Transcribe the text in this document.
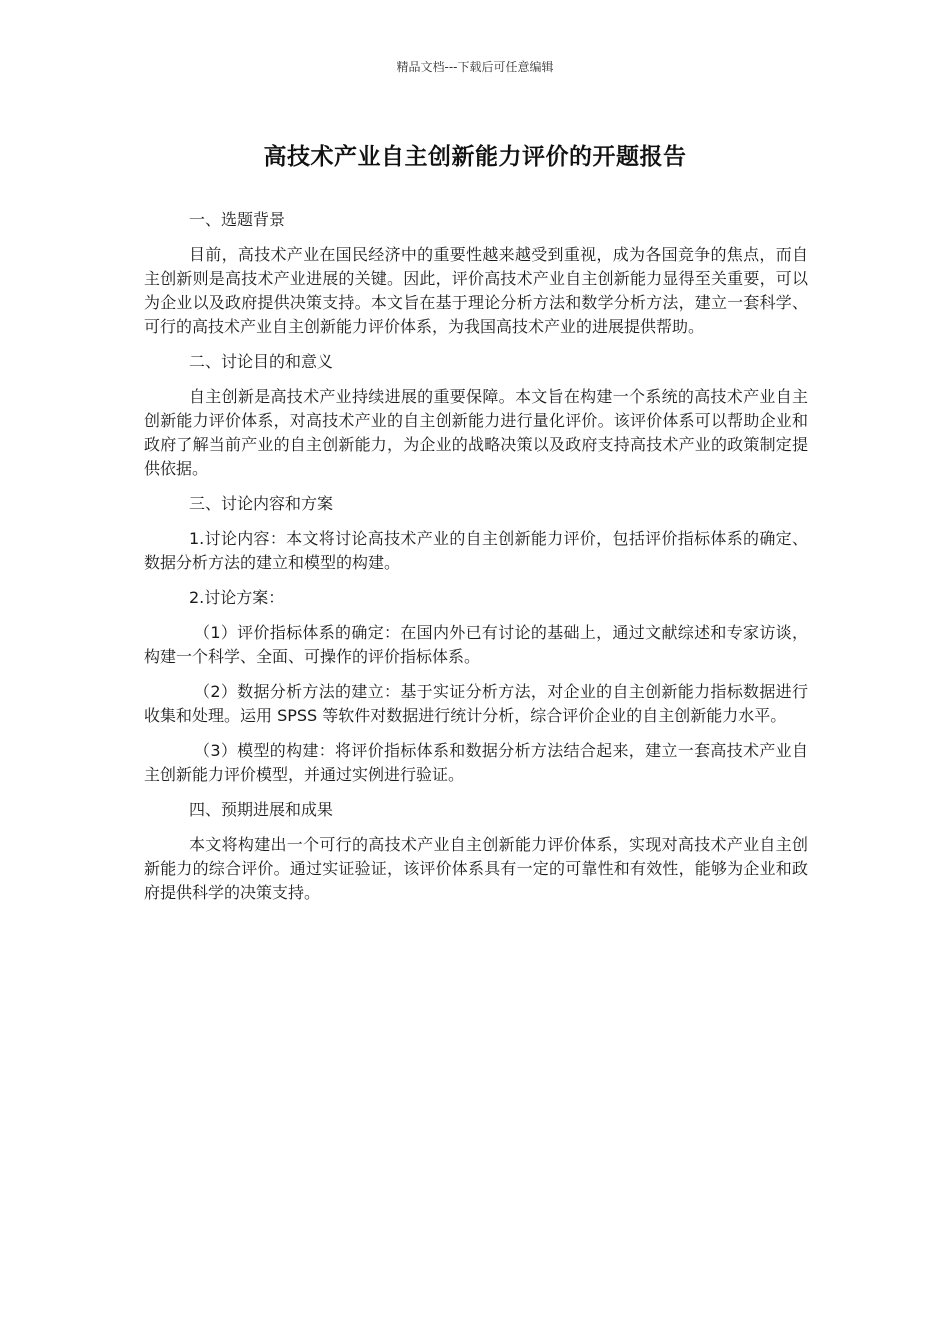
精品文档---下载后可任意编辑
高技术产业自主创新能力评价的开题报告
一、选题背景
目前，高技术产业在国民经济中的重要性越来越受到重视，成为各国竞争的焦点，而自主创新则是高技术产业进展的关键。因此，评价高技术产业自主创新能力显得至关重要，可以为企业以及政府提供决策支持。本文旨在基于理论分析方法和数学分析方法，建立一套科学、可行的高技术产业自主创新能力评价体系，为我国高技术产业的进展提供帮助。
二、讨论目的和意义
自主创新是高技术产业持续进展的重要保障。本文旨在构建一个系统的高技术产业自主创新能力评价体系，对高技术产业的自主创新能力进行量化评价。该评价体系可以帮助企业和政府了解当前产业的自主创新能力，为企业的战略决策以及政府支持高技术产业的政策制定提供依据。
三、讨论内容和方案
1.讨论内容：本文将讨论高技术产业的自主创新能力评价，包括评价指标体系的确定、数据分析方法的建立和模型的构建。
2.讨论方案：
（1）评价指标体系的确定：在国内外已有讨论的基础上，通过文献综述和专家访谈，构建一个科学、全面、可操作的评价指标体系。
（2）数据分析方法的建立：基于实证分析方法，对企业的自主创新能力指标数据进行收集和处理。运用 SPSS 等软件对数据进行统计分析，综合评价企业的自主创新能力水平。
（3）模型的构建：将评价指标体系和数据分析方法结合起来，建立一套高技术产业自主创新能力评价模型，并通过实例进行验证。
四、预期进展和成果
本文将构建出一个可行的高技术产业自主创新能力评价体系，实现对高技术产业自主创新能力的综合评价。通过实证验证，该评价体系具有一定的可靠性和有效性，能够为企业和政府提供科学的决策支持。
